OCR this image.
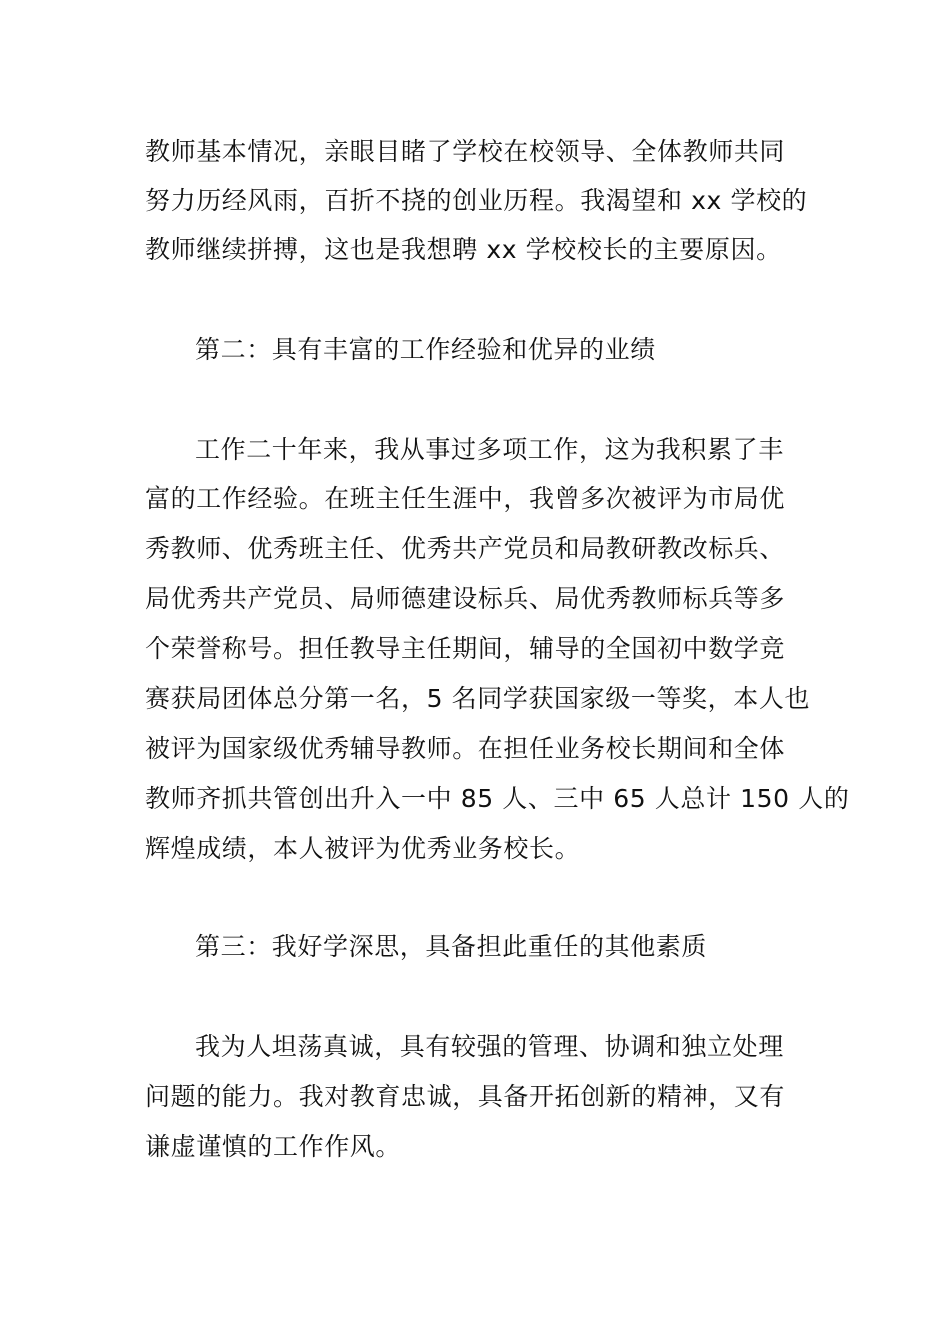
教师基本情况，亲眼目睹了学校在校领导、全体教师共同
努力历经风雨，百折不挠的创业历程。我渴望和 xx 学校的
教师继续拼搏，这也是我想聘 xx 学校校长的主要原因。
第二：具有丰富的工作经验和优异的业绩
工作二十年来，我从事过多项工作，这为我积累了丰
富的工作经验。在班主任生涯中，我曾多次被评为市局优
秀教师、优秀班主任、优秀共产党员和局教研教改标兵、
局优秀共产党员、局师德建设标兵、局优秀教师标兵等多
个荣誉称号。担任教导主任期间，辅导的全国初中数学竞
赛获局团体总分第一名，5 名同学获国家级一等奖，本人也
被评为国家级优秀辅导教师。在担任业务校长期间和全体
教师齐抓共管创出升入一中 85 人、三中 65 人总计 150 人的
辉煌成绩，本人被评为优秀业务校长。
第三：我好学深思，具备担此重任的其他素质
我为人坦荡真诚，具有较强的管理、协调和独立处理
问题的能力。我对教育忠诚，具备开拓创新的精神，又有
谦虚谨慎的工作作风。
